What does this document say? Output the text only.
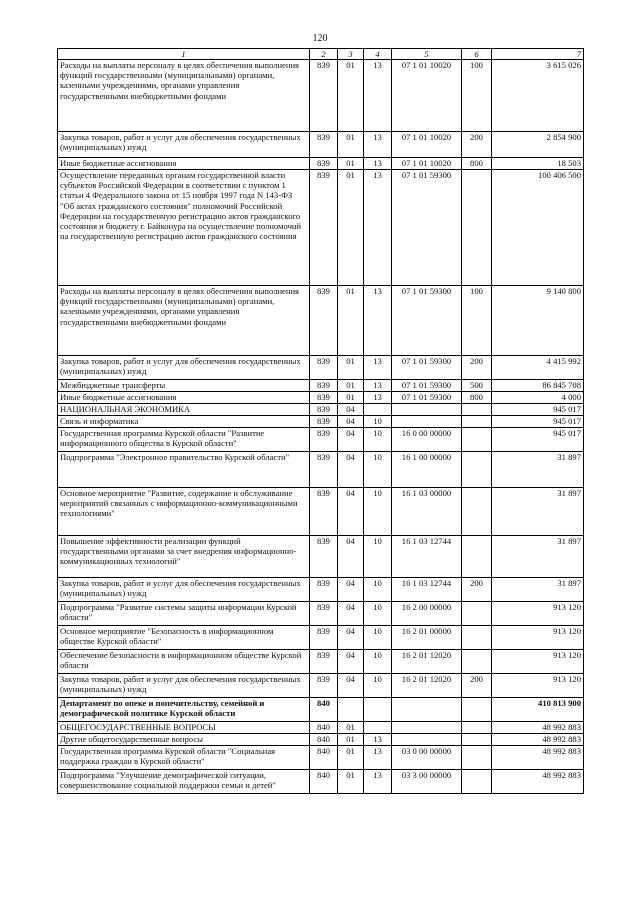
120
1	2	3	4	5	6	7
Расходы на выплаты персоналу в целях обеспечения выполнения функций государственными (муниципальными) органами, казенными учреждениями, органами управления государственными внебюджетными фондами	839	01	13	07 1 01 10020	100	3 615 026
Закупка товаров, работ и услуг для обеспечения государственных (муниципальных) нужд	839	01	13	07 1 01 10020	200	2 854 900
Иные бюджетные ассигнования	839	01	13	07 1 01 10020	800	18 503
Осуществление переданных органам государственной власти субъектов Российской Федерации в соответствии с пунктом 1 статьи 4 Федерального закона от 15 ноября 1997 года N 143-ФЗ "Об актах гражданского состояния" полномочий Российской Федерации на государственную регистрацию актов гражданского состояния и бюджету г. Байконура на осуществление полномочий на государственную регистрацию актов гражданского состояния	839	01	13	07 1 01 59300		100 406 500
Расходы на выплаты персоналу в целях обеспечения выполнения функций государственными (муниципальными) органами, казенными учреждениями, органами управления государственными внебюджетными фондами	839	01	13	07 1 01 59300	100	9 140 800
Закупка товаров, работ и услуг для обеспечения государственных (муниципальных) нужд	839	01	13	07 1 01 59300	200	4 415 992
Межбюджетные трансферты	839	01	13	07 1 01 59300	500	86 845 708
Иные бюджетные ассигнования	839	01	13	07 1 01 59300	800	4 000
НАЦИОНАЛЬНАЯ ЭКОНОМИКА	839	04				945 017
Связь и информатика	839	04	10			945 017
Государственная программа Курской области "Развитие информационного общества в Курской области"	839	04	10	16 0 00 00000		945 017
Подпрограмма "Электронное правительство Курской области"	839	04	10	16 1 00 00000		31 897
Основное мероприятие "Развитие, содержание и обслуживание мероприятий связанных с информационно-коммуникационными технологиями"	839	04	10	16 1 03 00000		31 897
Повышение эффективности реализации функций государственными органами за счет внедрения информационно-коммуникационных технологий"	839	04	10	16 1 03 12744		31 897
Закупка товаров, работ и услуг для обеспечения государственных (муниципальных) нужд	839	04	10	16 1 03 12744	200	31 897
Подпрограмма "Развитие системы защиты информации Курской области"	839	04	10	16 2 00 00000		913 120
Основное мероприятие "Безопасность в информационном обществе Курской области"	839	04	10	16 2 01 00000		913 120
Обеспечение безопасности в информационном обществе Курской области	839	04	10	16 2 01 12020		913 120
Закупка товаров, работ и услуг для обеспечения государственных (муниципальных) нужд	839	04	10	16 2 01 12020	200	913 120
Департамент по опеке и попечительству, семейной и демографической политике Курской области	840					410 813 900
ОБЩЕГОСУДАРСТВЕННЫЕ ВОПРОСЫ	840	01				48 992 883
Другие общегосударственные вопросы	840	01	13			48 992 883
Государственная программа Курской области "Социальная поддержка граждан в Курской области"	840	01	13	03 0 00 00000		48 992 883
Подпрограмма "Улучшение демографической ситуации, совершенствование социальной поддержки семьи и детей"	840	01	13	03 3 00 00000		48 992 883
